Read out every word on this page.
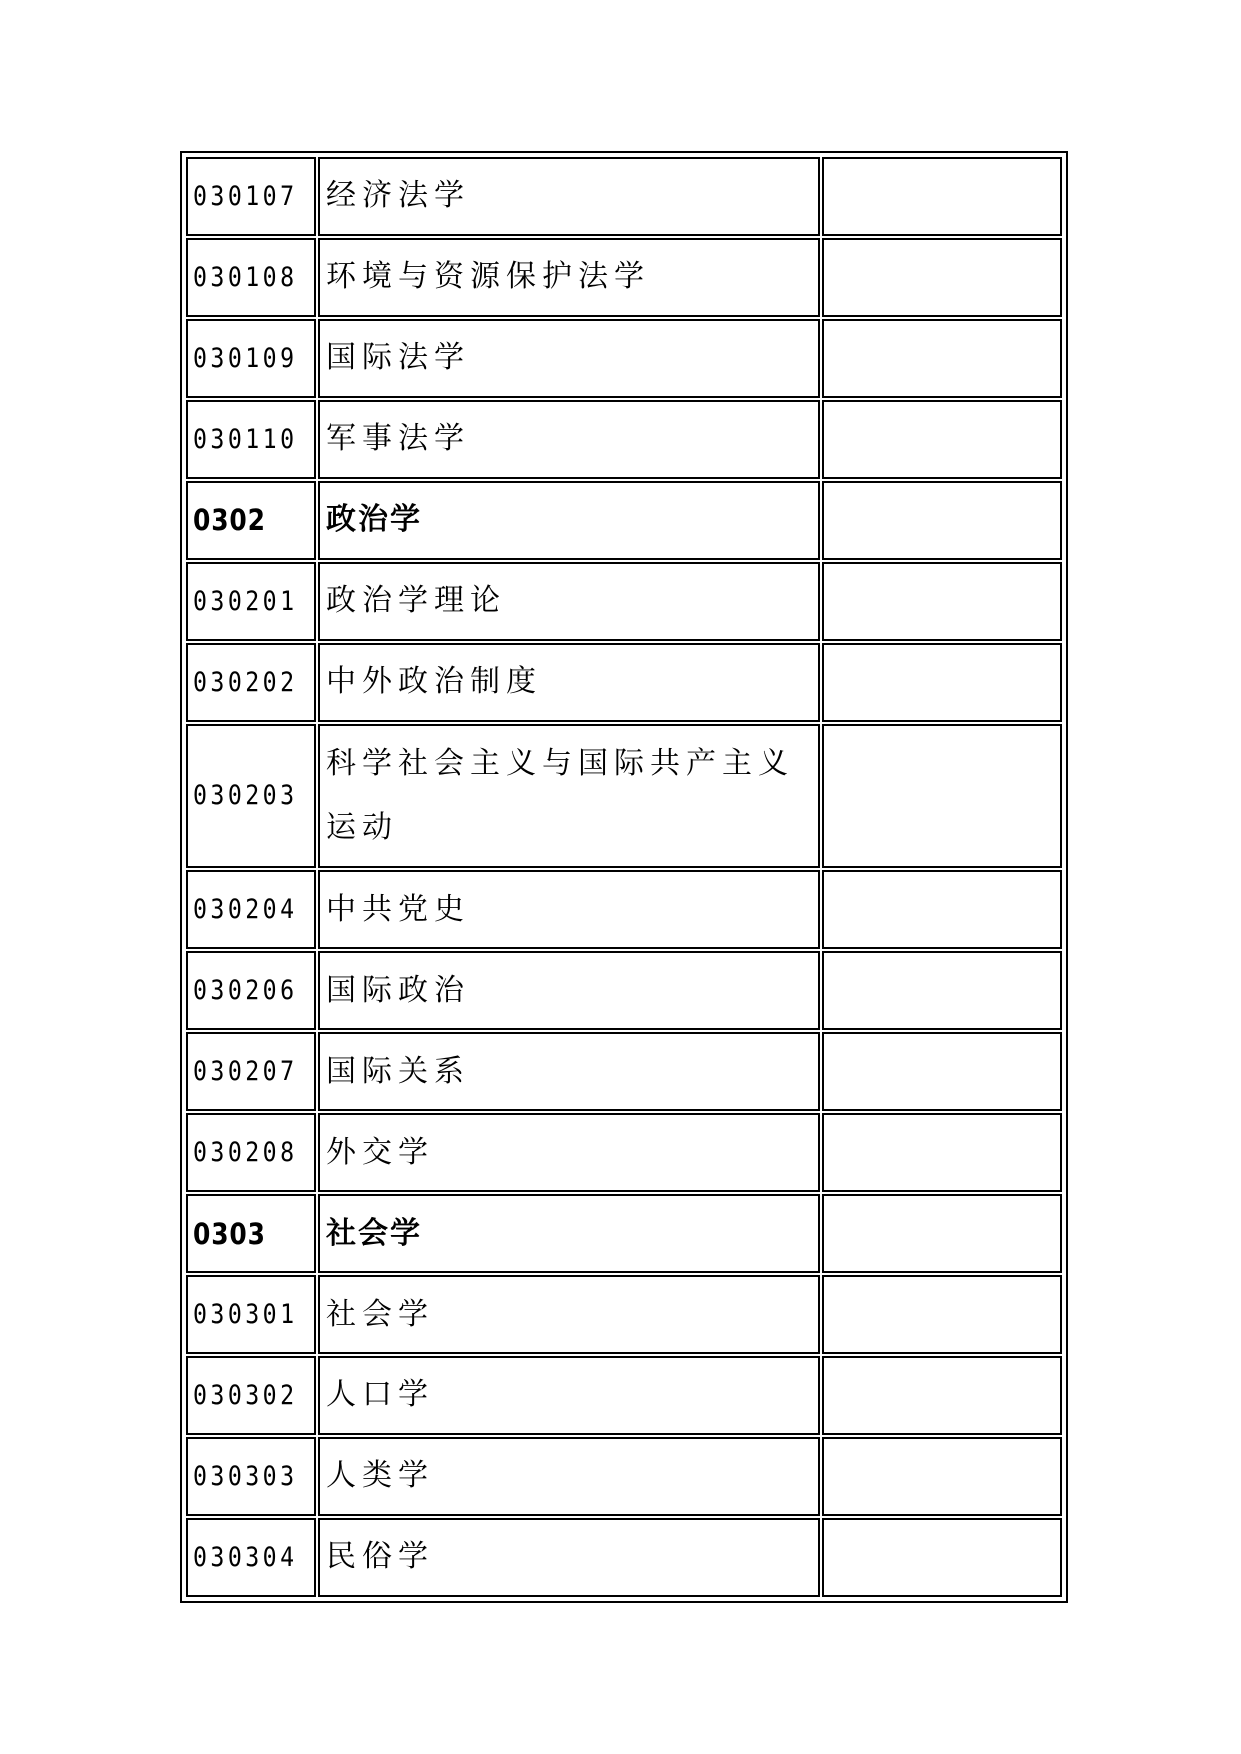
030107	经济法学	
030108	环境与资源保护法学	
030109	国际法学	
030110	军事法学	
0302	政治学	
030201	政治学理论	
030202	中外政治制度	
030203	科学社会主义与国际共产主义运动	
030204	中共党史	
030206	国际政治	
030207	国际关系	
030208	外交学	
0303	社会学	
030301	社会学	
030302	人口学	
030303	人类学	
030304	民俗学	
